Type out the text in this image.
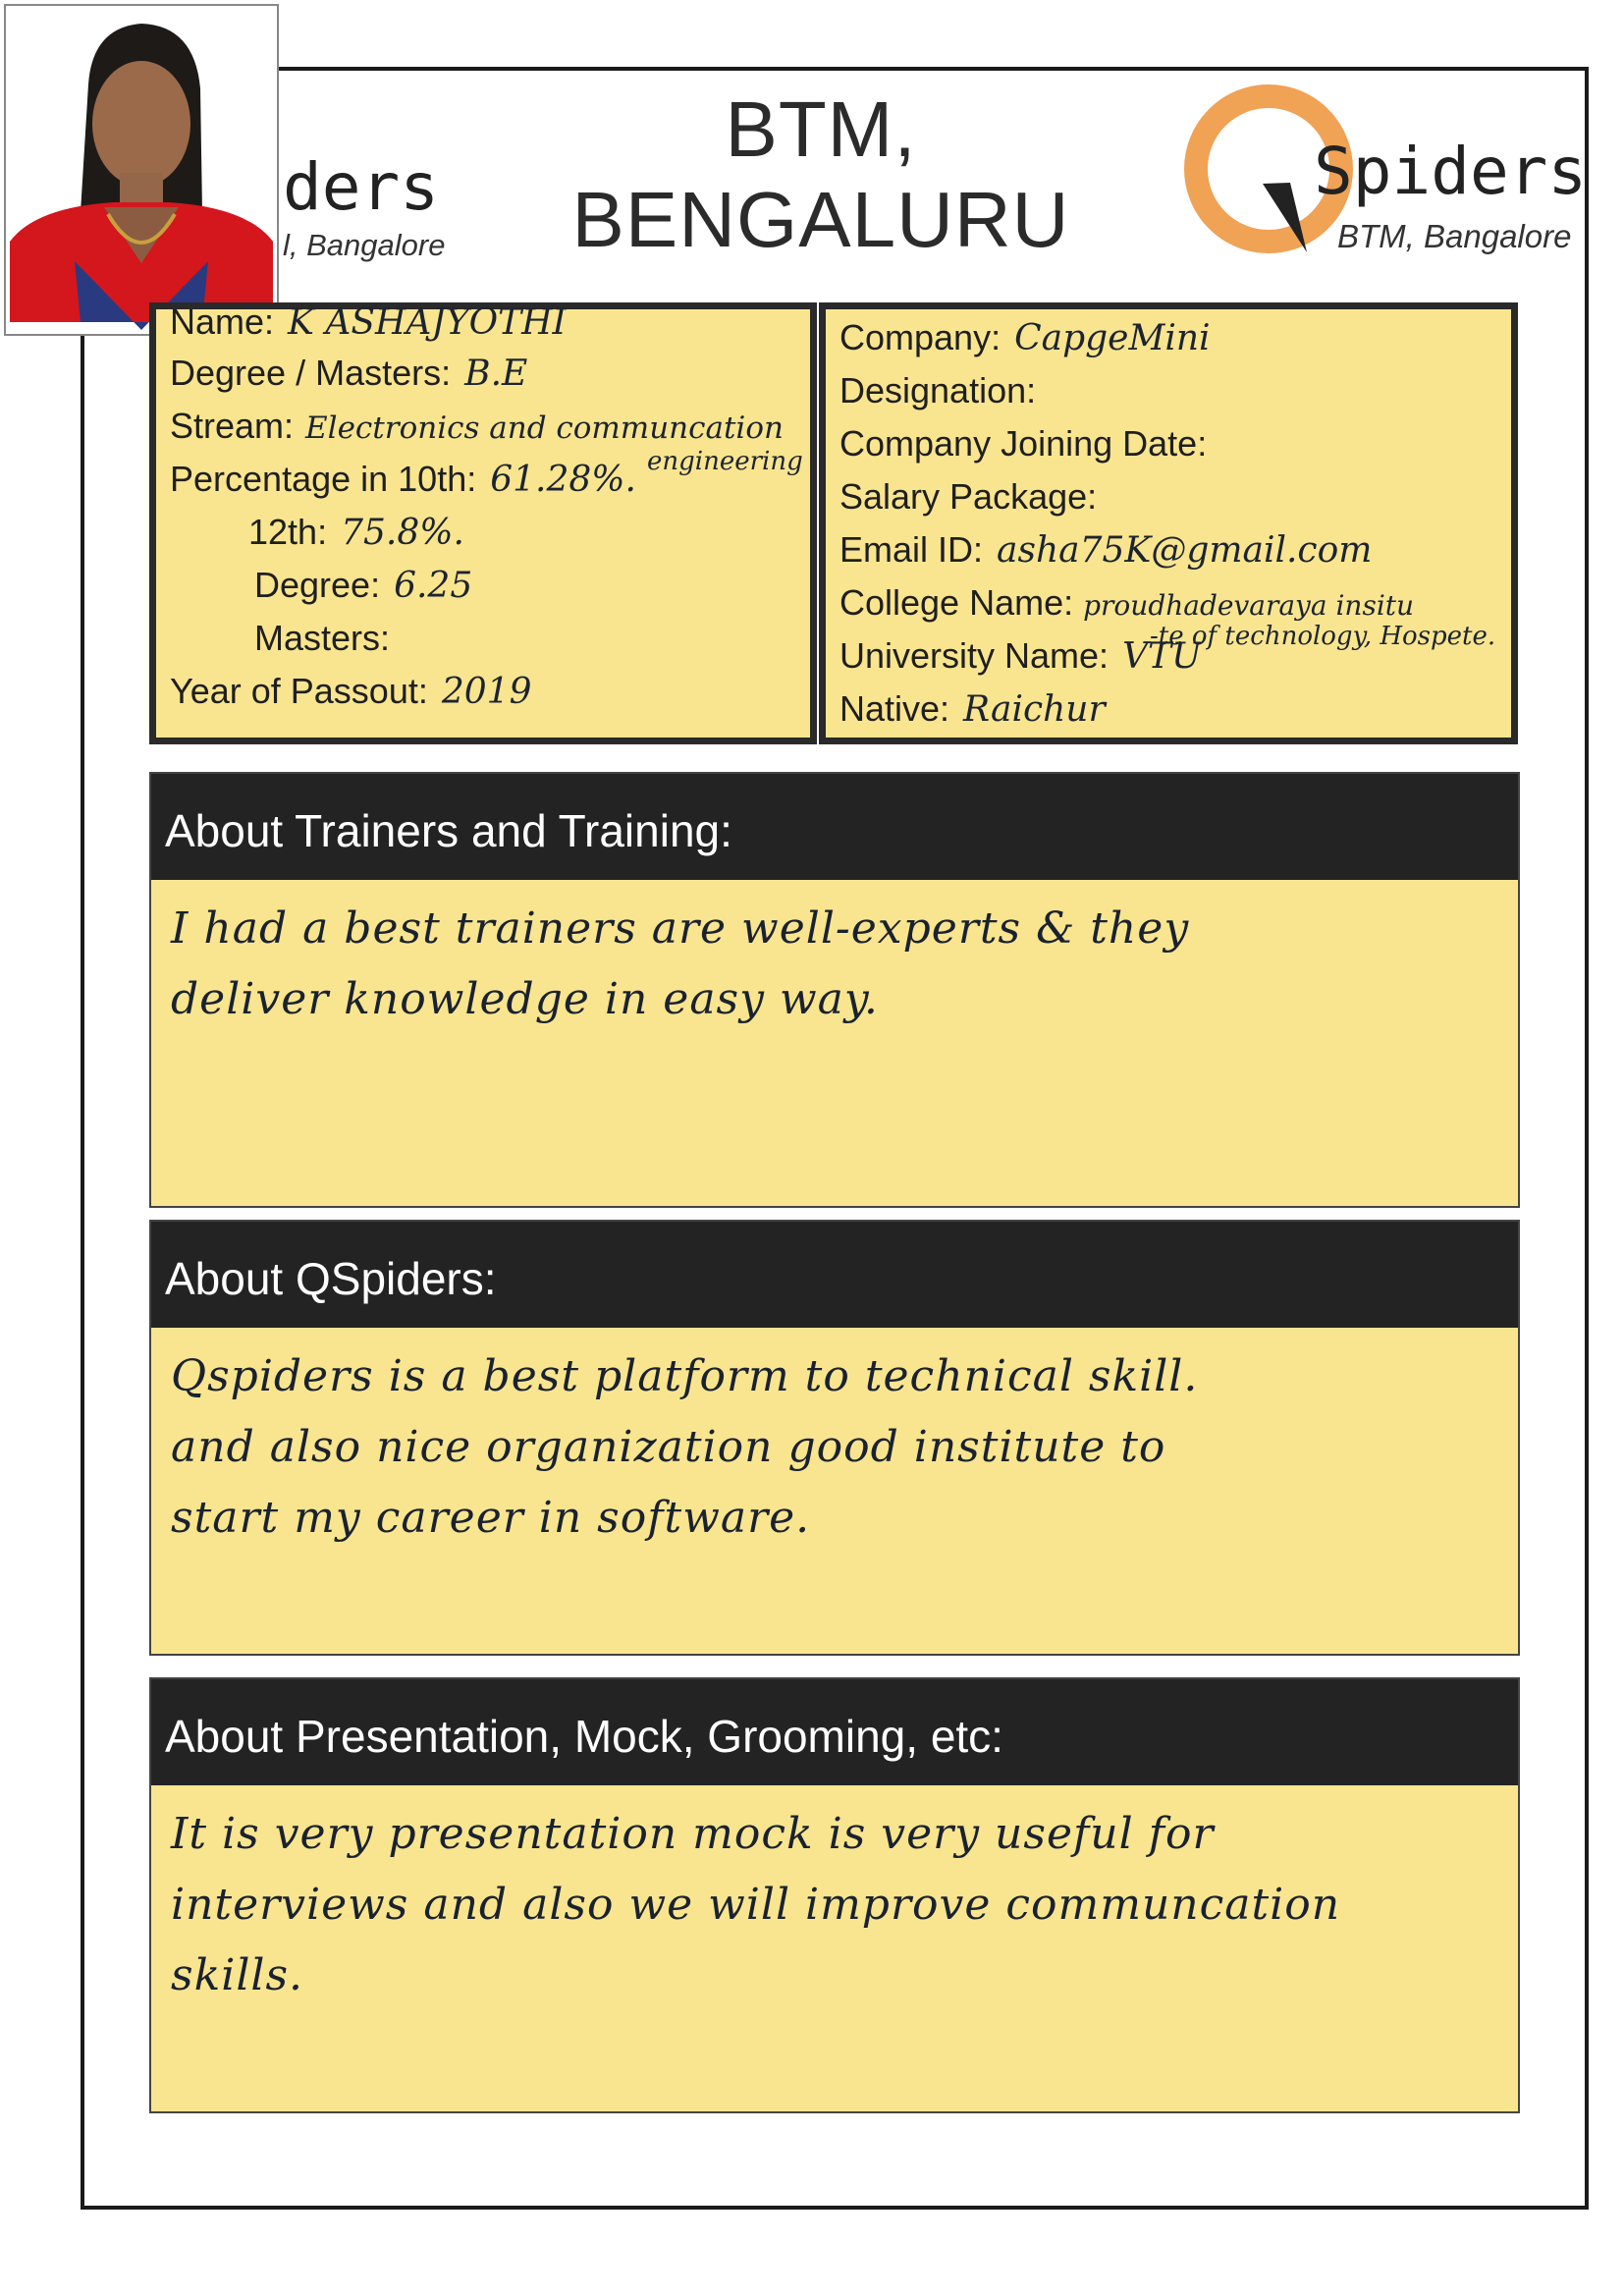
BTM, BENGALURU
ders
l, Bangalore
Spiders
BTM, Bangalore
Name: K ASHAJYOTHI
Degree / Masters: B.E
Stream: Electronics and communcation
engineering
Percentage in 10th: 61.28%.
12th: 75.8%.
Degree: 6.25
Masters:
Year of Passout: 2019
Company: CapgeMini
Designation:
Company Joining Date:
Salary Package:
Email ID: asha75K@gmail.com
College Name: proudhadevaraya insitu
-te of technology, Hospete.
University Name: VTU
Native: Raichur
About Trainers and Training:
I had a best trainers are well-experts & they
deliver knowledge in easy way.
About QSpiders:
Qspiders is a best platform to technical skill.
and also nice organization good institute to
start my career in software.
About Presentation, Mock, Grooming, etc:
It is very presentation mock is very useful for
interviews and also we will improve communcation
skills.
